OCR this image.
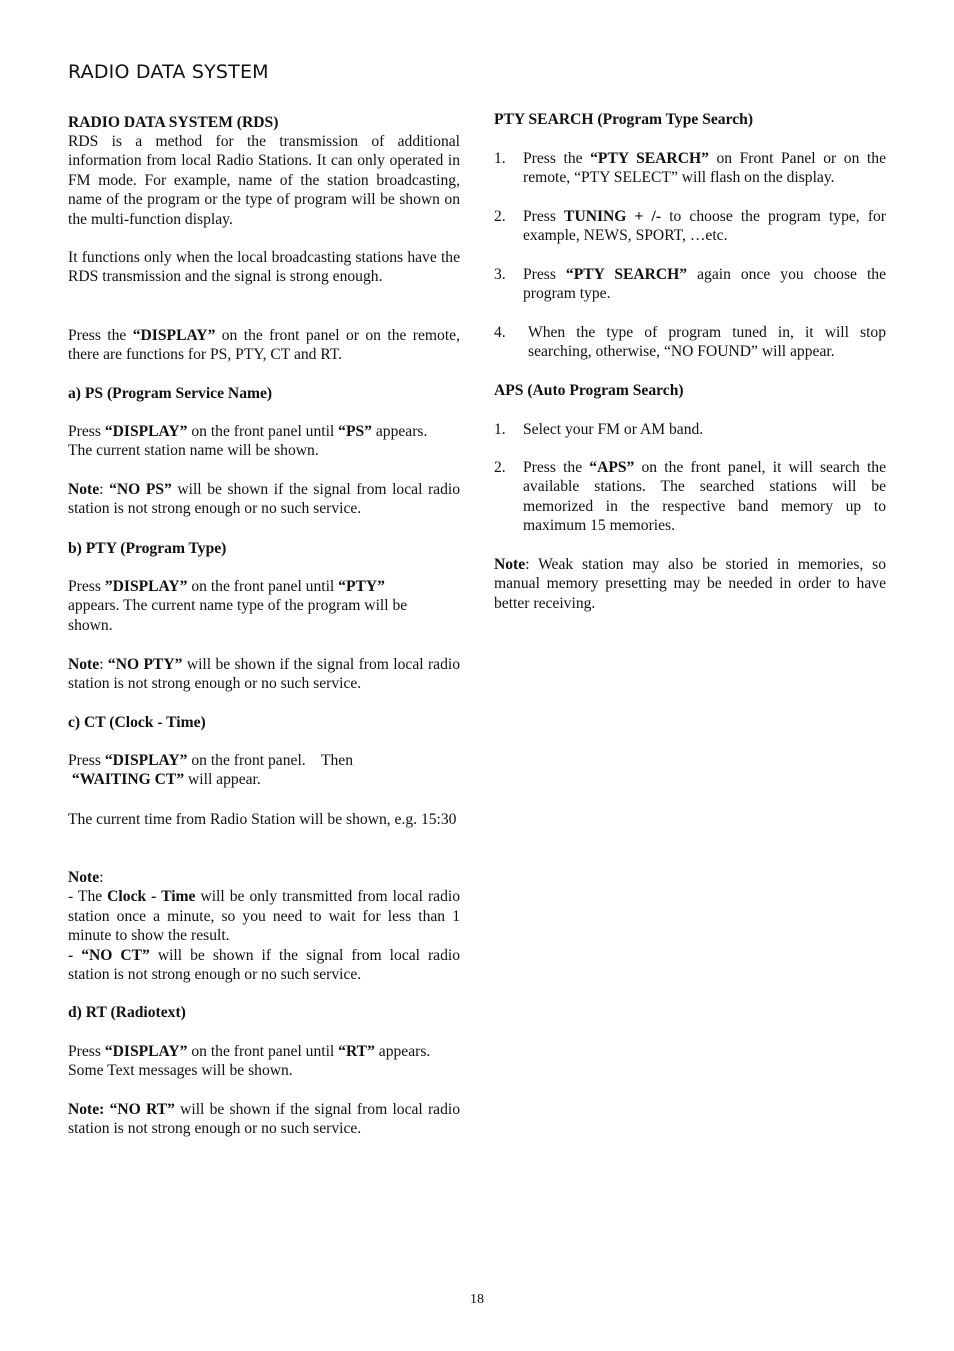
RADIO DATA SYSTEM
RADIO DATA SYSTEM (RDS)
RDS is a method for the transmission of additional information from local Radio Stations. It can only operated in FM mode. For example, name of the station broadcasting, name of the program or the type of program will be shown on the multi-function display.
It functions only when the local broadcasting stations have the RDS transmission and the signal is strong enough.
Press the “DISPLAY” on the front panel or on the remote, there are functions for PS, PTY, CT and RT.
a) PS (Program Service Name)
Press “DISPLAY” on the front panel until “PS” appears.
The current station name will be shown.
Note: “NO PS” will be shown if the signal from local radio station is not strong enough or no such service.
b) PTY (Program Type)
Press ”DISPLAY” on the front panel until “PTY”
appears. The current name type of the program will be shown.
Note: “NO PTY” will be shown if the signal from local radio station is not strong enough or no such service.
c) CT (Clock - Time)
Press “DISPLAY” on the front panel.    Then
“WAITING CT” will appear.
The current time from Radio Station will be shown, e.g. 15:30
Note:
- The Clock - Time will be only transmitted from local radio station once a minute, so you need to wait for less than 1 minute to show the result.
- “NO CT” will be shown if the signal from local radio station is not strong enough or no such service.
d) RT (Radiotext)
Press “DISPLAY” on the front panel until “RT” appears.
Some Text messages will be shown.
Note: “NO RT” will be shown if the signal from local radio station is not strong enough or no such service.
PTY SEARCH (Program Type Search)
1. Press the “PTY SEARCH” on Front Panel or on the remote, “PTY SELECT” will flash on the display.
2. Press TUNING + /- to choose the program type, for example, NEWS, SPORT, …etc.
3. Press “PTY SEARCH” again once you choose the program type.
4. When the type of program tuned in, it will stop searching, otherwise, “NO FOUND” will appear.
APS (Auto Program Search)
1. Select your FM or AM band.
2. Press the “APS” on the front panel, it will search the available stations. The searched stations will be memorized in the respective band memory up to maximum 15 memories.
Note: Weak station may also be storied in memories, so manual memory presetting may be needed in order to have better receiving.
18
